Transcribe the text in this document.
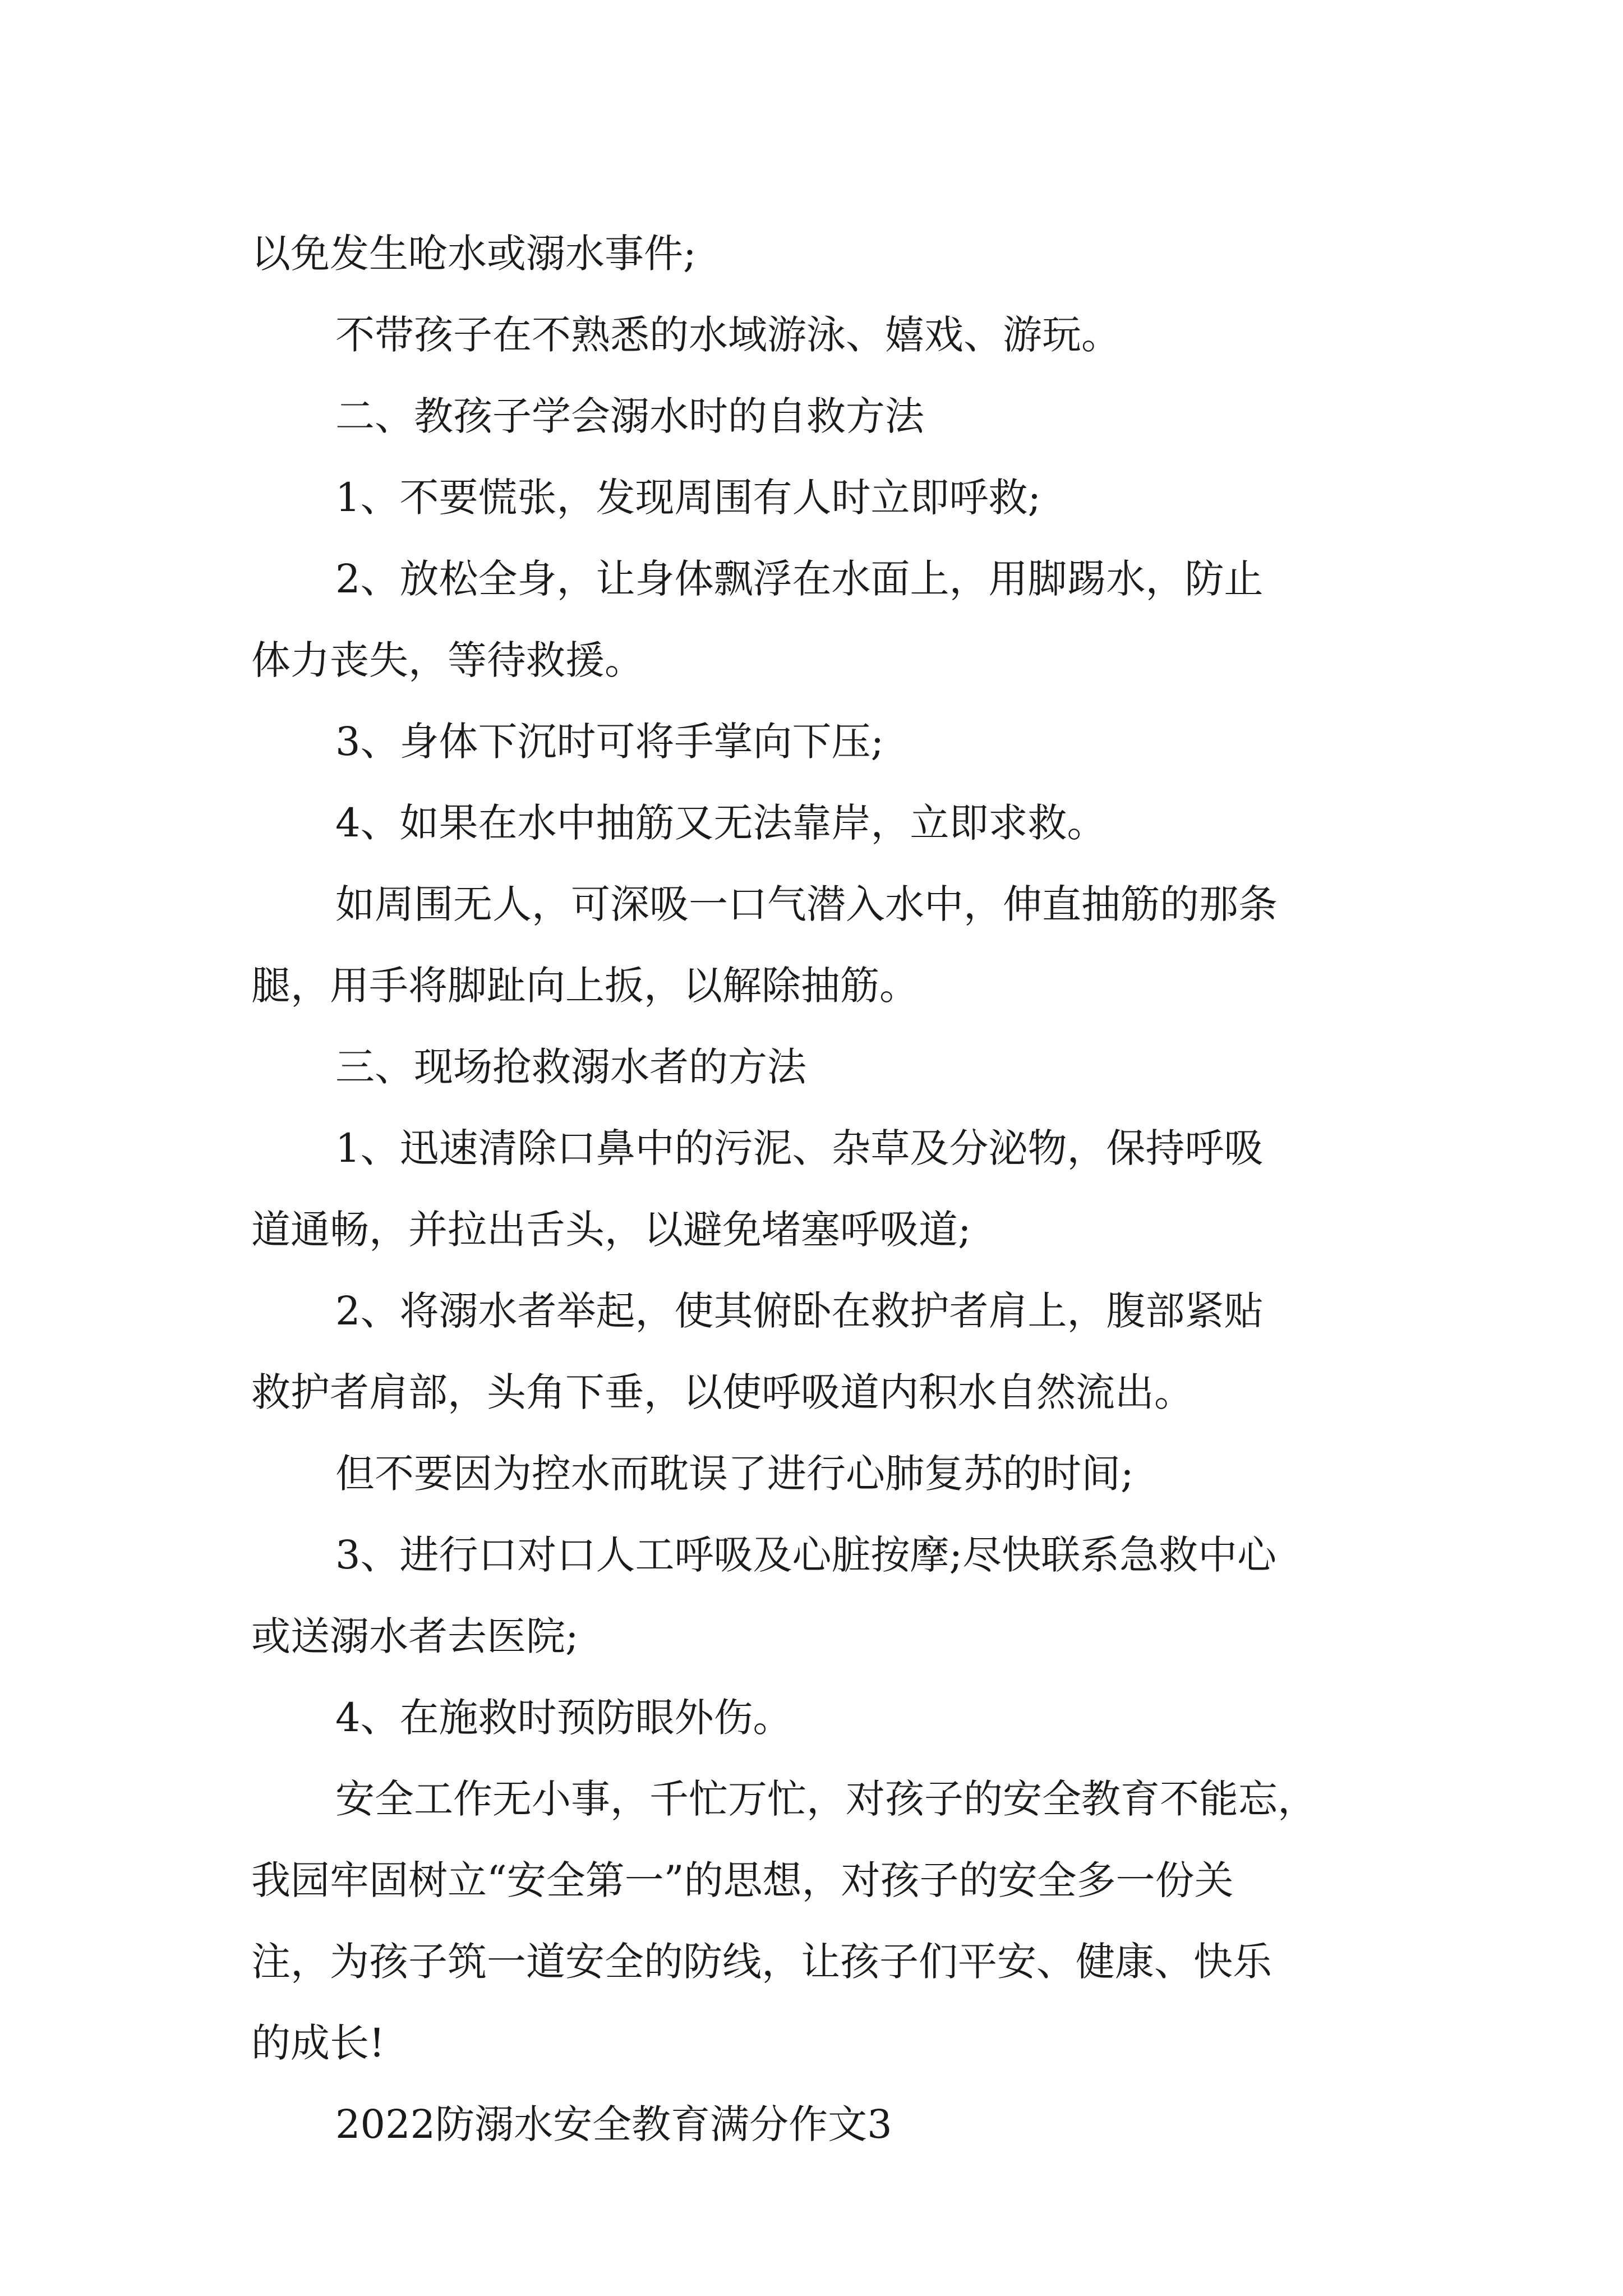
以免发生呛水或溺水事件;
不带孩子在不熟悉的水域游泳、嬉戏、游玩。
二、教孩子学会溺水时的自救方法
1、不要慌张，发现周围有人时立即呼救;
2、放松全身，让身体飘浮在水面上，用脚踢水，防止
体力丧失，等待救援。
3、身体下沉时可将手掌向下压;
4、如果在水中抽筋又无法靠岸，立即求救。
如周围无人，可深吸一口气潜入水中，伸直抽筋的那条
腿，用手将脚趾向上扳，以解除抽筋。
三、现场抢救溺水者的方法
1、迅速清除口鼻中的污泥、杂草及分泌物，保持呼吸
道通畅，并拉出舌头，以避免堵塞呼吸道;
2、将溺水者举起，使其俯卧在救护者肩上，腹部紧贴
救护者肩部，头角下垂，以使呼吸道内积水自然流出。
但不要因为控水而耽误了进行心肺复苏的时间;
3、进行口对口人工呼吸及心脏按摩;尽快联系急救中心
或送溺水者去医院;
4、在施救时预防眼外伤。
安全工作无小事，千忙万忙，对孩子的安全教育不能忘，
我园牢固树立“安全第一”的思想，对孩子的安全多一份关
注，为孩子筑一道安全的防线，让孩子们平安、健康、快乐
的成长!
2022防溺水安全教育满分作文3
